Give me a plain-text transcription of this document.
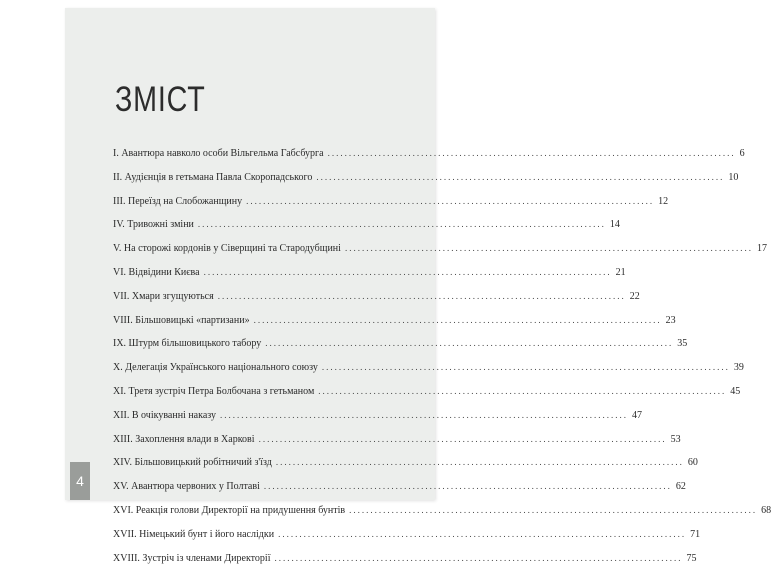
ЗМІСТ
I. Авантюра навколо особи Вільгельма Габсбурга .....	6
II. Аудієнція в гетьмана Павла Скоропадського .....	10
III. Переїзд на Слобожанщину .....	12
IV. Тривожні зміни .....	14
V. На сторожі кордонів у Сіверщині та Стародубщині .....	17
VI. Відвідини Києва .....	21
VII. Хмари згущуються .....	22
VIII. Більшовицькі «партизани» .....	23
IX. Штурм більшовицького табору .....	35
X. Делегація Українського національного союзу .....	39
XI. Третя зустріч Петра Болбочана з гетьманом .....	45
XII. В очікуванні наказу .....	47
XIII. Захоплення влади в Харкові .....	53
XIV. Більшовицький робітничий з'їзд .....	60
XV. Авантюра червоних у Полтаві .....	62
XVI. Реакція голови Директорії на придушення бунтів .....	68
XVII. Німецький бунт і його наслідки .....	71
XVIII. Зустріч із членами Директорії .....	75
4
